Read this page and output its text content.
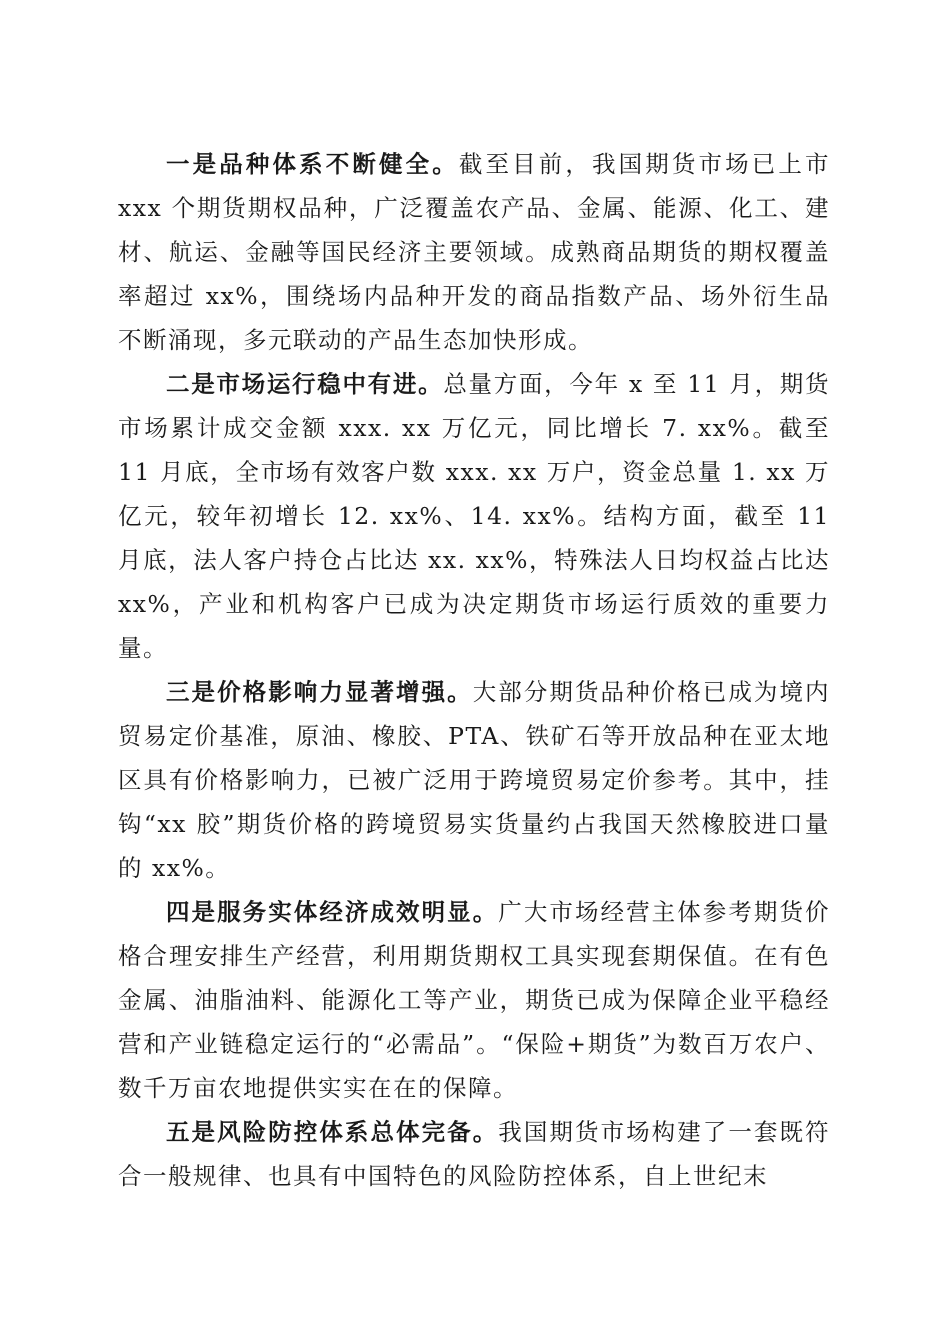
一是品种体系不断健全。截至目前，我国期货市场已上市 xxx 个期货期权品种，广泛覆盖农产品、金属、能源、化工、建材、航运、金融等国民经济主要领域。成熟商品期货的期权覆盖率超过 xx%，围绕场内品种开发的商品指数产品、场外衍生品不断涌现，多元联动的产品生态加快形成。

二是市场运行稳中有进。总量方面，今年 x 至 11 月，期货市场累计成交金额 xxx. xx 万亿元，同比增长 7. xx%。截至 11 月底，全市场有效客户数 xxx. xx 万户，资金总量 1. xx 万亿元，较年初增长 12. xx%、14. xx%。结构方面，截至 11 月底，法人客户持仓占比达 xx. xx%，特殊法人日均权益占比达 xx%，产业和机构客户已成为决定期货市场运行质效的重要力量。

三是价格影响力显著增强。大部分期货品种价格已成为境内贸易定价基准，原油、橡胶、PTA、铁矿石等开放品种在亚太地区具有价格影响力，已被广泛用于跨境贸易定价参考。其中，挂钩“xx 胶”期货价格的跨境贸易实货量约占我国天然橡胶进口量的 xx%。

四是服务实体经济成效明显。广大市场经营主体参考期货价格合理安排生产经营，利用期货期权工具实现套期保值。在有色金属、油脂油料、能源化工等产业，期货已成为保障企业平稳经营和产业链稳定运行的“必需品”。“保险+期货”为数百万农户、数千万亩农地提供实实在在的保障。

五是风险防控体系总体完备。我国期货市场构建了一套既符合一般规律、也具有中国特色的风险防控体系，自上世纪末
